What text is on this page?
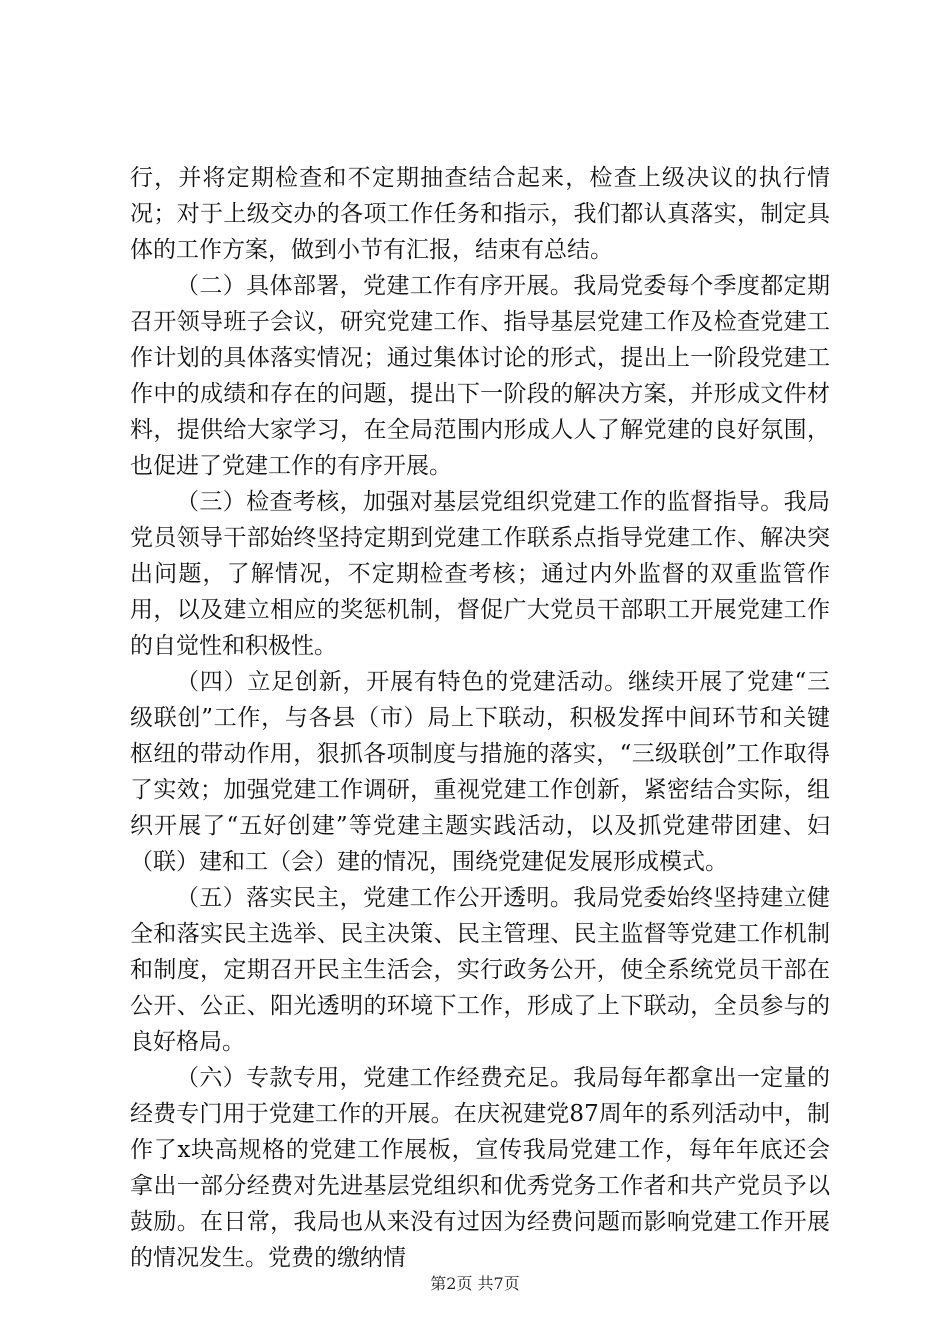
行，并将定期检查和不定期抽查结合起来，检查上级决议的执行情况；对于上级交办的各项工作任务和指示，我们都认真落实，制定具体的工作方案，做到小节有汇报，结束有总结。

（二）具体部署，党建工作有序开展。我局党委每个季度都定期召开领导班子会议，研究党建工作、指导基层党建工作及检查党建工作计划的具体落实情况；通过集体讨论的形式，提出上一阶段党建工作中的成绩和存在的问题，提出下一阶段的解决方案，并形成文件材料，提供给大家学习，在全局范围内形成人人了解党建的良好氛围，也促进了党建工作的有序开展。

（三）检查考核，加强对基层党组织党建工作的监督指导。我局党员领导干部始终坚持定期到党建工作联系点指导党建工作、解决突出问题，了解情况，不定期检查考核；通过内外监督的双重监管作用，以及建立相应的奖惩机制，督促广大党员干部职工开展党建工作的自觉性和积极性。

（四）立足创新，开展有特色的党建活动。继续开展了党建“三级联创”工作，与各县（市）局上下联动，积极发挥中间环节和关键枢纽的带动作用，狠抓各项制度与措施的落实，“三级联创”工作取得了实效；加强党建工作调研，重视党建工作创新，紧密结合实际，组织开展了“五好创建”等党建主题实践活动，以及抓党建带团建、妇（联）建和工（会）建的情况，围绕党建促发展形成模式。

（五）落实民主，党建工作公开透明。我局党委始终坚持建立健全和落实民主选举、民主决策、民主管理、民主监督等党建工作机制和制度，定期召开民主生活会，实行政务公开，使全系统党员干部在公开、公正、阳光透明的环境下工作，形成了上下联动，全员参与的良好格局。

（六）专款专用，党建工作经费充足。我局每年都拿出一定量的经费专门用于党建工作的开展。在庆祝建党87周年的系列活动中，制作了x块高规格的党建工作展板，宣传我局党建工作，每年年底还会拿出一部分经费对先进基层党组织和优秀党务工作者和共产党员予以鼓励。在日常，我局也从来没有过因为经费问题而影响党建工作开展的情况发生。党费的缴纳情

第2页 共7页
